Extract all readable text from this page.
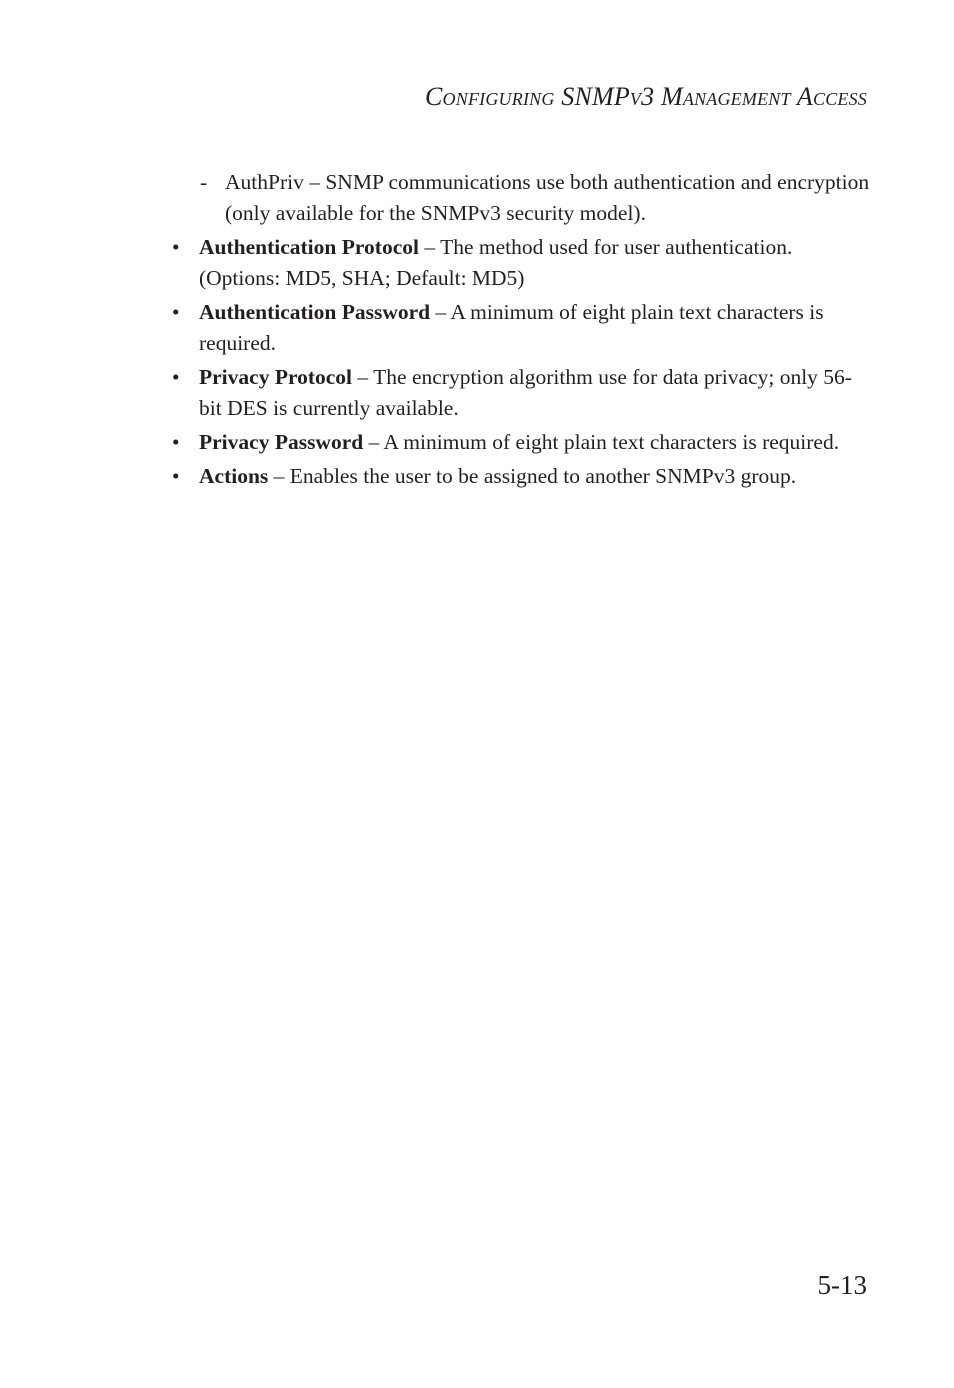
Configuring SNMPv3 Management Access
- AuthPriv – SNMP communications use both authentication and encryption (only available for the SNMPv3 security model).
• Authentication Protocol – The method used for user authentication. (Options: MD5, SHA; Default: MD5)
• Authentication Password – A minimum of eight plain text characters is required.
• Privacy Protocol – The encryption algorithm use for data privacy; only 56-bit DES is currently available.
• Privacy Password – A minimum of eight plain text characters is required.
• Actions – Enables the user to be assigned to another SNMPv3 group.
5-13
